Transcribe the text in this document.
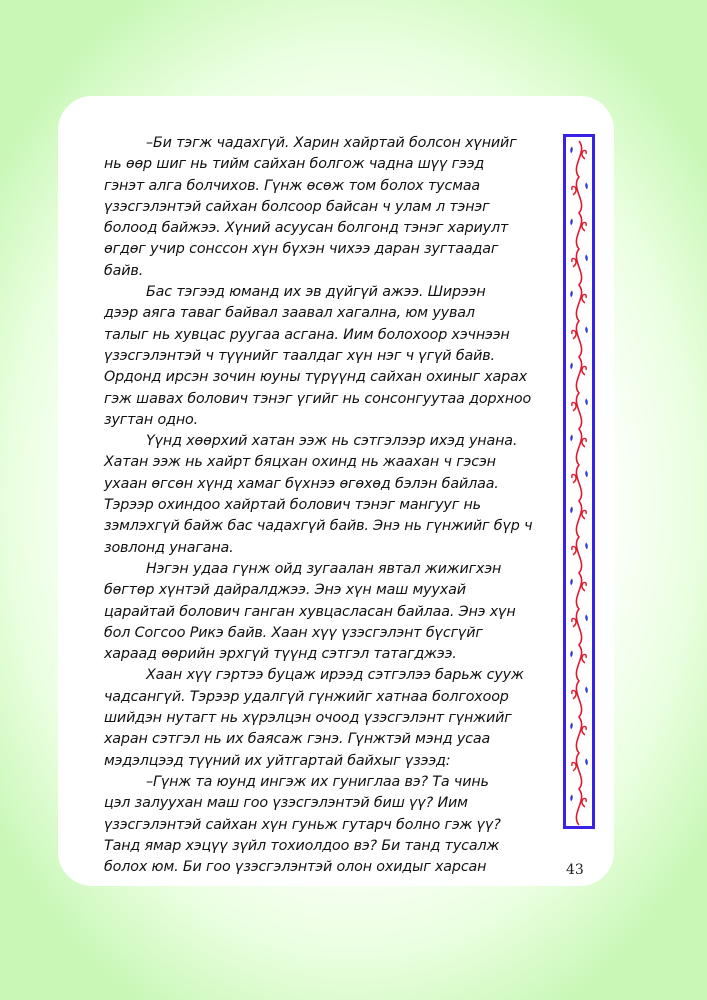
–Би тэгж чадахгүй. Харин хайртай болсон хүнийг
нь өөр шиг нь тийм сайхан болгож чадна шүү гээд
гэнэт алга болчихов. Гүнж өсөж том болох тусмаа
үзэсгэлэнтэй сайхан болсоор байсан ч улам л тэнэг
болоод байжээ. Хүний асуусан болгонд тэнэг хариулт
өгдөг учир сонссон хүн бүхэн чихээ даран зугтаадаг
байв.
Бас тэгээд юманд их эв дүйгүй ажээ. Ширээн
дээр аяга таваг байвал заавал хагална, юм уувал
талыг нь хувцас руугаа асгана. Иим болохоор хэчнээн
үзэсгэлэнтэй ч түүнийг таалдаг хүн нэг ч үгүй байв.
Ордонд ирсэн зочин юуны түрүүнд сайхан охиныг харах
гэж шавах болович тэнэг үгийг нь сонсонгуутаа дорхноо
зугтан одно.
Үүнд хөөрхий хатан ээж нь сэтгэлээр ихэд унана.
Хатан ээж нь хайрт бяцхан охинд нь жаахан ч гэсэн
ухаан өгсөн хүнд хамаг бүхнээ өгөхөд бэлэн байлаа.
Тэрээр охиндоо хайртай болович тэнэг мангууг нь
зэмлэхгүй байж бас чадахгүй байв. Энэ нь гүнжийг бүр ч
зовлонд унагана.
Нэгэн удаа гүнж ойд зугаалан явтал жижигхэн
бөгтөр хүнтэй дайралджээ. Энэ хүн маш муухай
царайтай болович ганган хувцасласан байлаа. Энэ хүн
бол Согсоо Рикэ байв. Хаан хүү үзэсгэлэнт бүсгүйг
хараад өөрийн эрхгүй түүнд сэтгэл татагджээ.
Хаан хүү гэртээ буцаж ирээд сэтгэлээ барьж сууж
чадсангүй. Тэрээр удалгүй гүнжийг хатнаа болгохоор
шийдэн нутагт нь хүрэлцэн очоод үзэсгэлэнт гүнжийг
харан сэтгэл нь их баясаж гэнэ. Гүнжтэй мэнд усаа
мэдэлцээд түүний их уйтгартай байхыг үзээд:
–Гүнж та юунд ингэж их гуниглаа вэ? Та чинь
цэл залуухан маш гоо үзэсгэлэнтэй биш үү? Иим
үзэсгэлэнтэй сайхан хүн гуньж гутарч болно гэж үү?
Танд ямар хэцүү зүйл тохиолдоо вэ? Би танд тусалж
болох юм. Би гоо үзэсгэлэнтэй олон охидыг харсан	43
